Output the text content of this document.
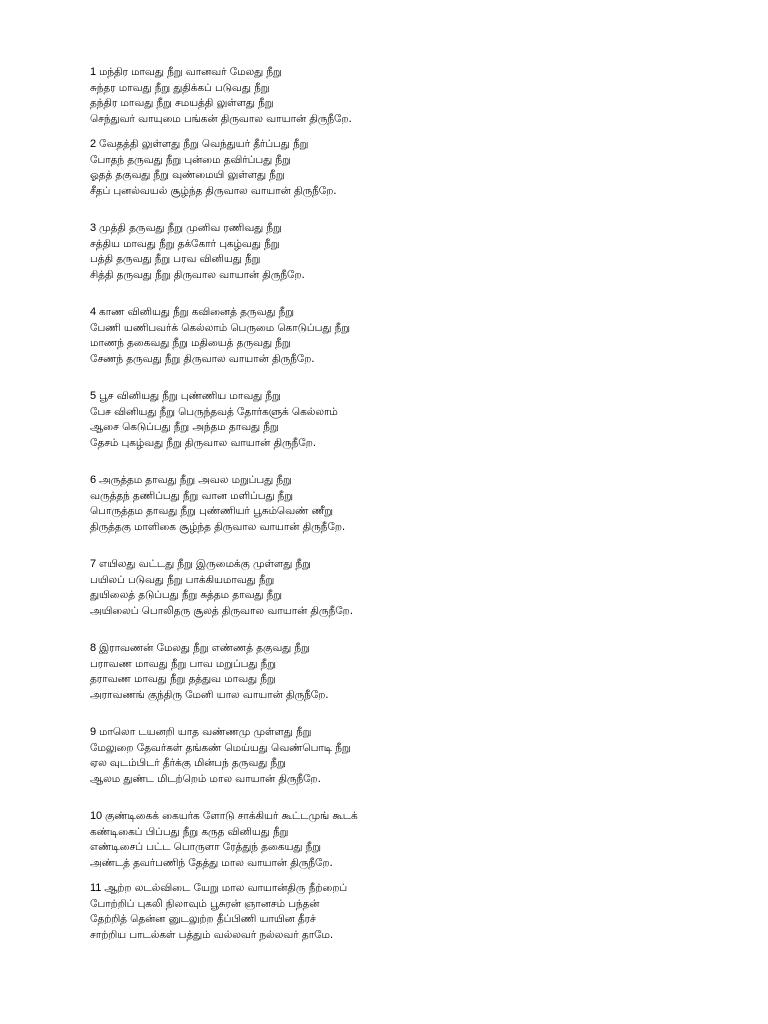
1 மந்திர மாவது நீறு வானவர் மேலது நீறு
சுந்தர மாவது நீறு துதிக்கப் படுவது நீறு
தந்திர மாவது நீறு சமயத்தி லுள்ளது நீறு
செந்துவர் வாயுமை பங்கன் திருவால வாயான் திருநீறே.
2 வேதத்தி லுள்ளது நீறு வெந்துயர் தீர்ப்பது நீறு
போதந் தருவது நீறு புன்மை தவிர்ப்பது நீறு
ஓதத் தகுவது நீறு வுண்மையி லுள்ளது நீறு
சீதப் புனல்வயல் சூழ்ந்த திருவால வாயான் திருநீறே.
3 முத்தி தருவது நீறு முனிவ ரணிவது நீறு
சத்திய மாவது நீறு தக்கோர் புகழ்வது நீறு
பத்தி தருவது நீறு பரவ வினியது நீறு
சித்தி தருவது நீறு திருவால வாயான் திருநீறே.
4 காண வினியது நீறு கவினைத் தருவது நீறு
பேணி யணிபவர்க் கெல்லாம் பெருமை கொடுப்பது நீறு
மாணந் தகைவது நீறு மதியைத் தருவது நீறு
சேணந் தருவது நீறு திருவால வாயான் திருநீறே.
5 பூச வினியது நீறு புண்ணிய மாவது நீறு
பேச வினியது நீறு பெருந்தவத் தோர்களுக் கெல்லாம்
ஆசை கெடுப்பது நீறு அந்தம தாவது நீறு
தேசம் புகழ்வது நீறு திருவால வாயான் திருநீறே.
6 அருத்தம தாவது நீறு அவல மறுப்பது நீறு
வருத்தந் தணிப்பது நீறு வான மளிப்பது நீறு
பொருத்தம தாவது நீறு புண்ணியர் பூசும்வெண் ணீறு
திருத்தகு மாளிகை சூழ்ந்த திருவால வாயான் திருநீறே.
7 எயிலது வட்டது நீறு இருமைக்கு முள்ளது நீறு
பயிலப் படுவது நீறு பாக்கியமாவது நீறு
துயிலைத் தடுப்பது நீறு சுத்தம தாவது நீறு
அயிலைப் பொலிதரு சூலத் திருவால வாயான் திருநீறே.
8 இராவணன் மேலது நீறு எண்ணத் தகுவது நீறு
பராவண மாவது நீறு பாவ மறுப்பது நீறு
தராவண மாவது நீறு தத்துவ மாவது நீறு
அராவணங் குந்திரு மேனி யால வாயான் திருநீறே.
9 மாலொ டயனறி யாத வண்ணமு முள்ளது நீறு
மேலுறை தேவர்கள் தங்கண் மெய்யது வெண்பொடி நீறு
ஏல வுடம்பிடர் தீர்க்கு மின்பந் தருவது நீறு
ஆலம துண்ட மிடற்றெம் மால வாயான் திருநீறே.
10 குண்டிகைக் கையர்க ளோடு சாக்கியர் கூட்டமுங் கூடக்
கண்டிகைப் பிப்பது நீறு கருத வினியது நீறு
எண்டிசைப் பட்ட பொருளா ரேத்துந் தகையது நீறு
அண்டத் தவர்பணிந் தேத்து மால வாயான் திருநீறே.
11 ஆற்ற லடல்விடை யேறு மால வாயான்திரு நீற்றைப்
போற்றிப் புகலி நிலாவும் பூசுரன் ஞானசம் பந்தன்
தேற்றித் தென்ன னுடலுற்ற தீப்பிணி யாயின தீரச்
சாற்றிய பாடல்கள் பத்தும் வல்லவர் நல்லவர் தாமே.
